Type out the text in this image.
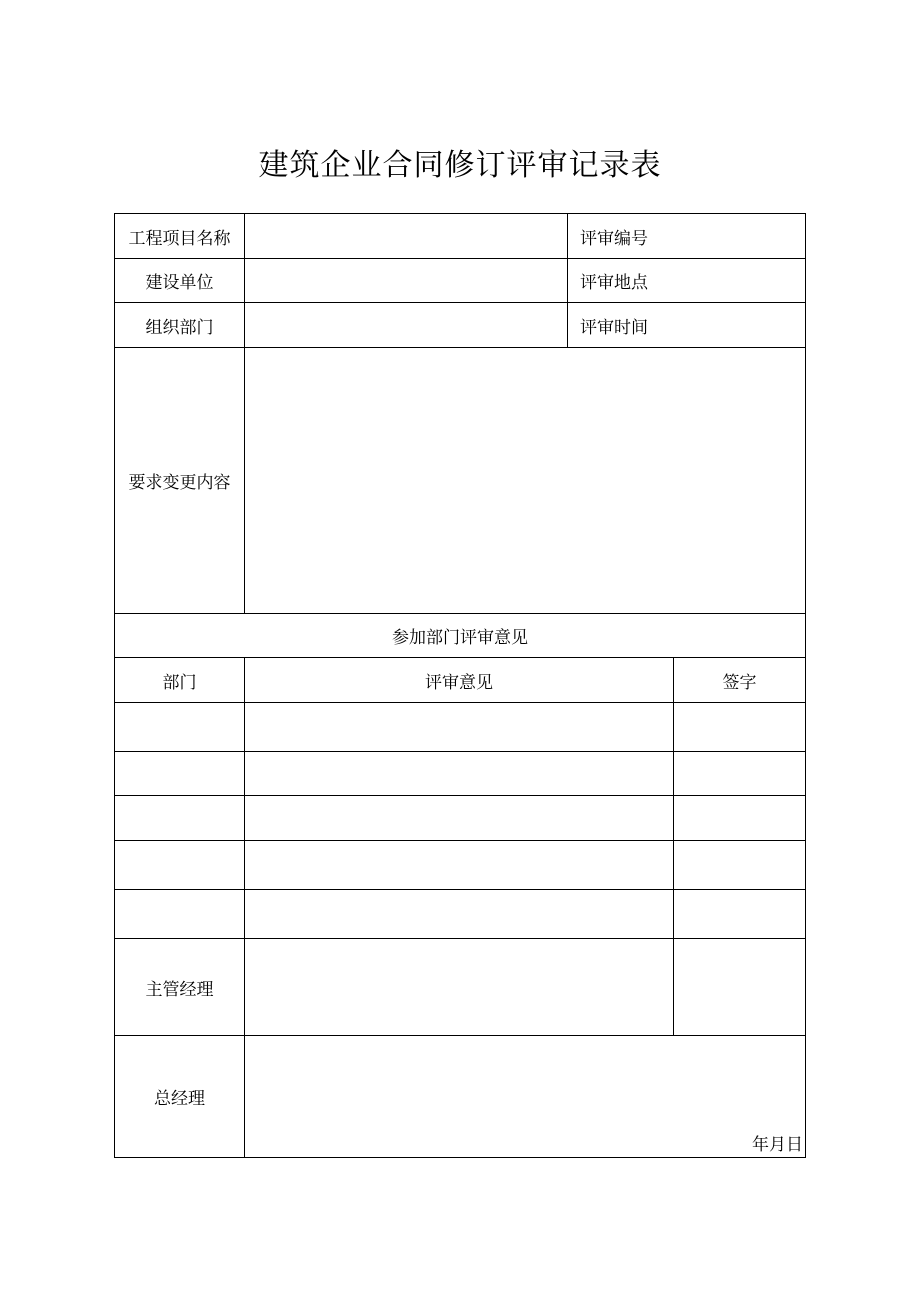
建筑企业合同修订评审记录表
工程项目名称		评审编号	
建设单位		评审地点	
组织部门		评审时间	
要求变更内容			
参加部门评审意见			
部门	评审意见		签字

主管经理			
总经理	年月日		
